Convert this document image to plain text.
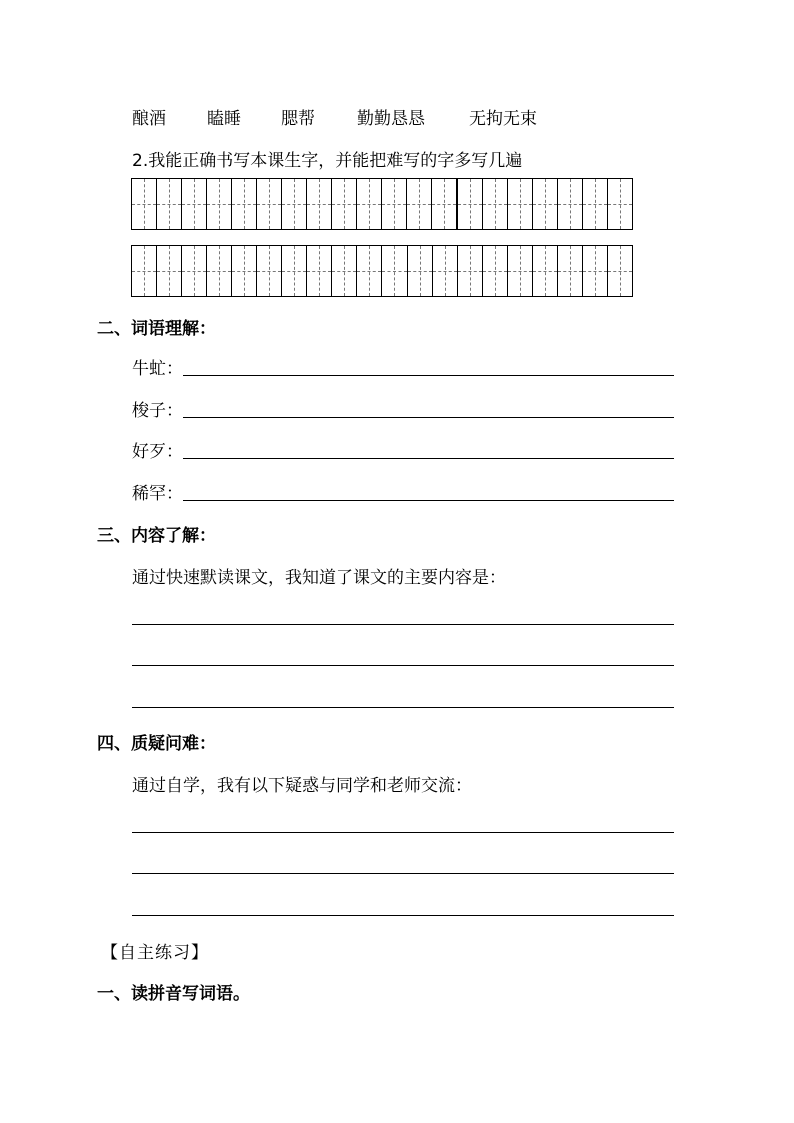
酿酒	瞌睡	腮帮	勤勤恳恳	无拘无束
2.我能正确书写本课生字，并能把难写的字多写几遍
二、词语理解：
牛虻：
梭子：
好歹：
稀罕：
三、内容了解：
通过快速默读课文，我知道了课文的主要内容是：
四、质疑问难：
通过自学，我有以下疑惑与同学和老师交流：
【自主练习】
一、读拼音写词语。
